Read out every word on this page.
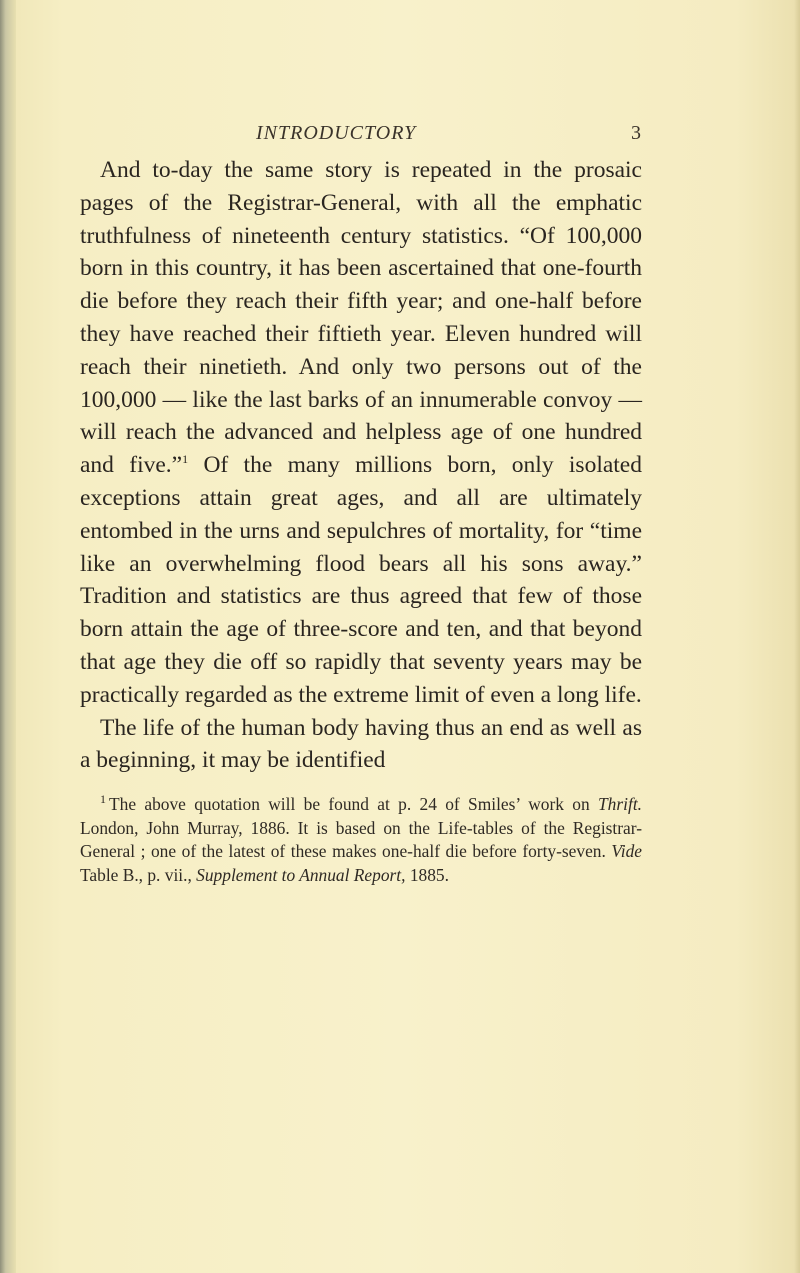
INTRODUCTORY	3

And to-day the same story is repeated in the prosaic pages of the Registrar-General, with all the emphatic truthfulness of nineteenth century statistics. “Of 100,000 born in this country, it has been ascertained that one-fourth die before they reach their fifth year; and one-half before they have reached their fiftieth year. Eleven hundred will reach their ninetieth. And only two persons out of the 100,000 — like the last barks of an innumerable convoy — will reach the advanced and helpless age of one hundred and five.”$^1$ Of the many millions born, only isolated exceptions attain great ages, and all are ultimately entombed in the urns and sepulchres of mortality, for “time like an overwhelming flood bears all his sons away.” Tradition and statistics are thus agreed that few of those born attain the age of three-score and ten, and that beyond that age they die off so rapidly that seventy years may be practically regarded as the extreme limit of even a long life.

The life of the human body having thus an end as well as a beginning, it may be identified

$^1$ The above quotation will be found at p. 24 of Smiles’ work on Thrift. London, John Murray, 1886. It is based on the Life-tables of the Registrar-General ; one of the latest of these makes one-half die before forty-seven. Vide Table B., p. vii., Supplement to Annual Report, 1885.
